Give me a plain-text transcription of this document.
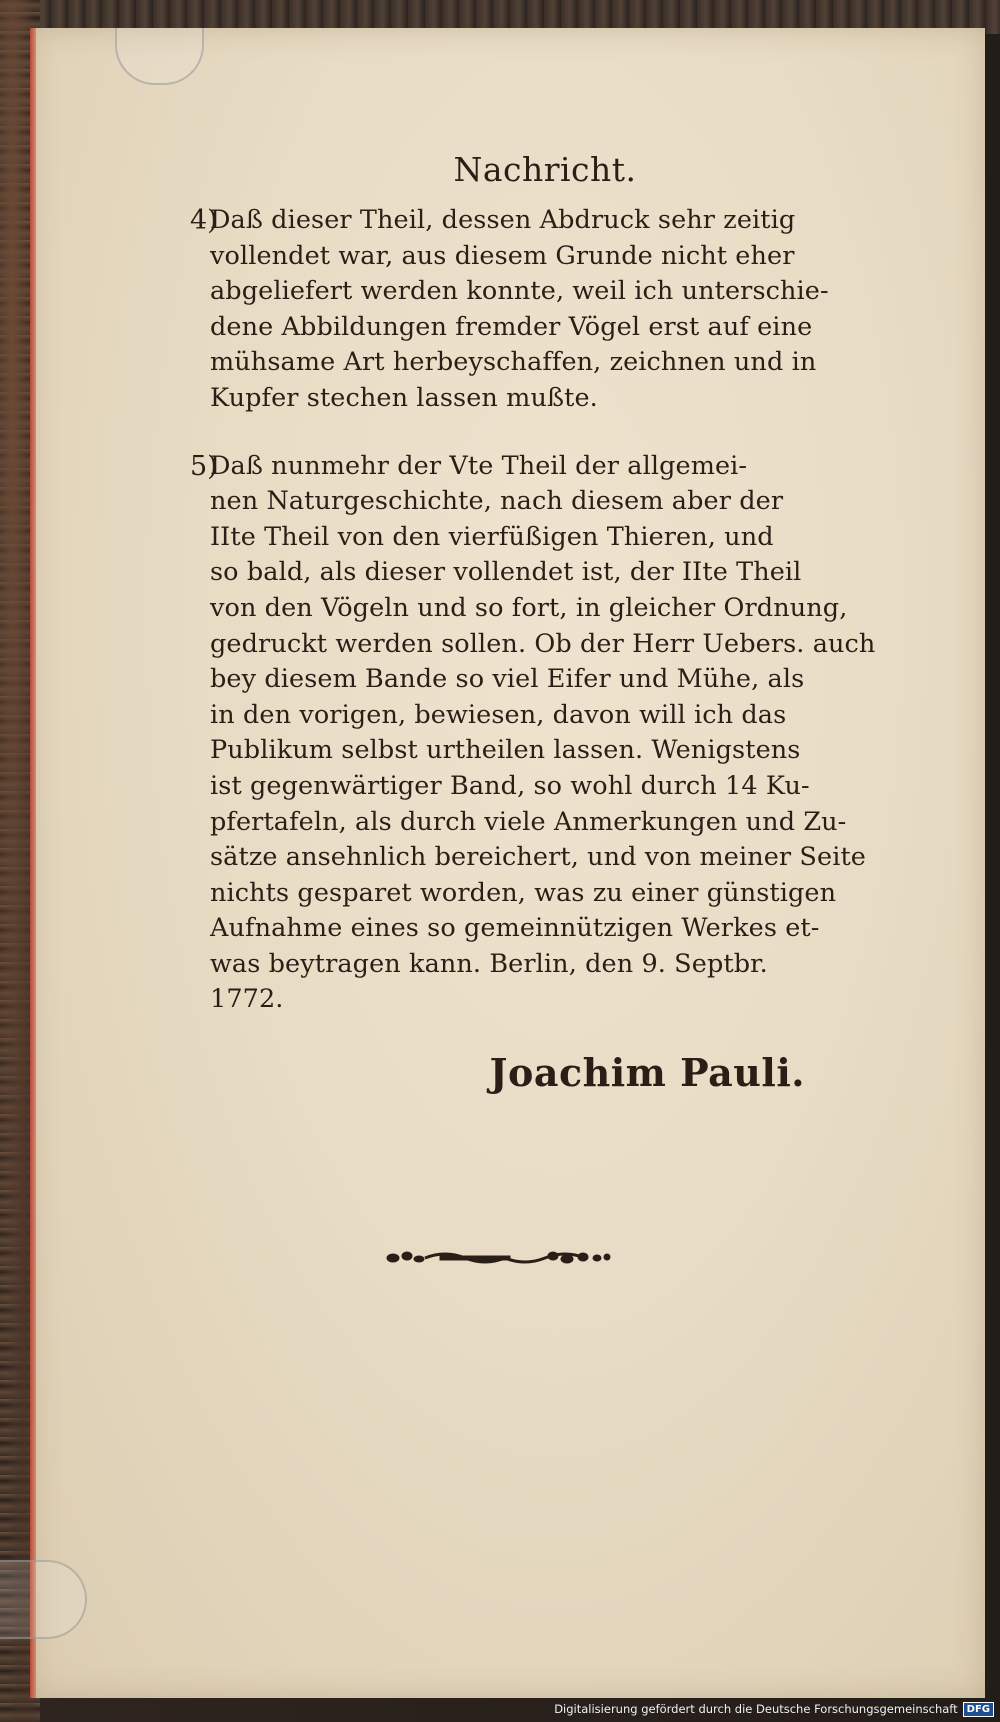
Nachricht.
4)
Daß dieser Theil, dessen Abdruck sehr zeitig
vollendet war, aus diesem Grunde nicht eher
abgeliefert werden konnte, weil ich unterschie-
dene Abbildungen fremder Vögel erst auf eine
mühsame Art herbeyschaffen, zeichnen und in
Kupfer stechen lassen mußte.
5)
Daß nunmehr der Vte Theil der allgemei-
nen Naturgeschichte, nach diesem aber der
IIte Theil von den vierfüßigen Thieren, und
so bald, als dieser vollendet ist, der IIte Theil
von den Vögeln und so fort, in gleicher Ordnung,
gedruckt werden sollen. Ob der Herr Uebers. auch
bey diesem Bande so viel Eifer und Mühe, als
in den vorigen, bewiesen, davon will ich das
Publikum selbst urtheilen lassen. Wenigstens
ist gegenwärtiger Band, so wohl durch 14 Ku-
pfertafeln, als durch viele Anmerkungen und Zu-
sätze ansehnlich bereichert, und von meiner Seite
nichts gesparet worden, was zu einer günstigen
Aufnahme eines so gemeinnützigen Werkes et-
was beytragen kann. Berlin, den 9. Septbr.
1772.
Joachim Pauli.
Digitalisierung gefördert durch die Deutsche Forschungsgemeinschaft DFG
